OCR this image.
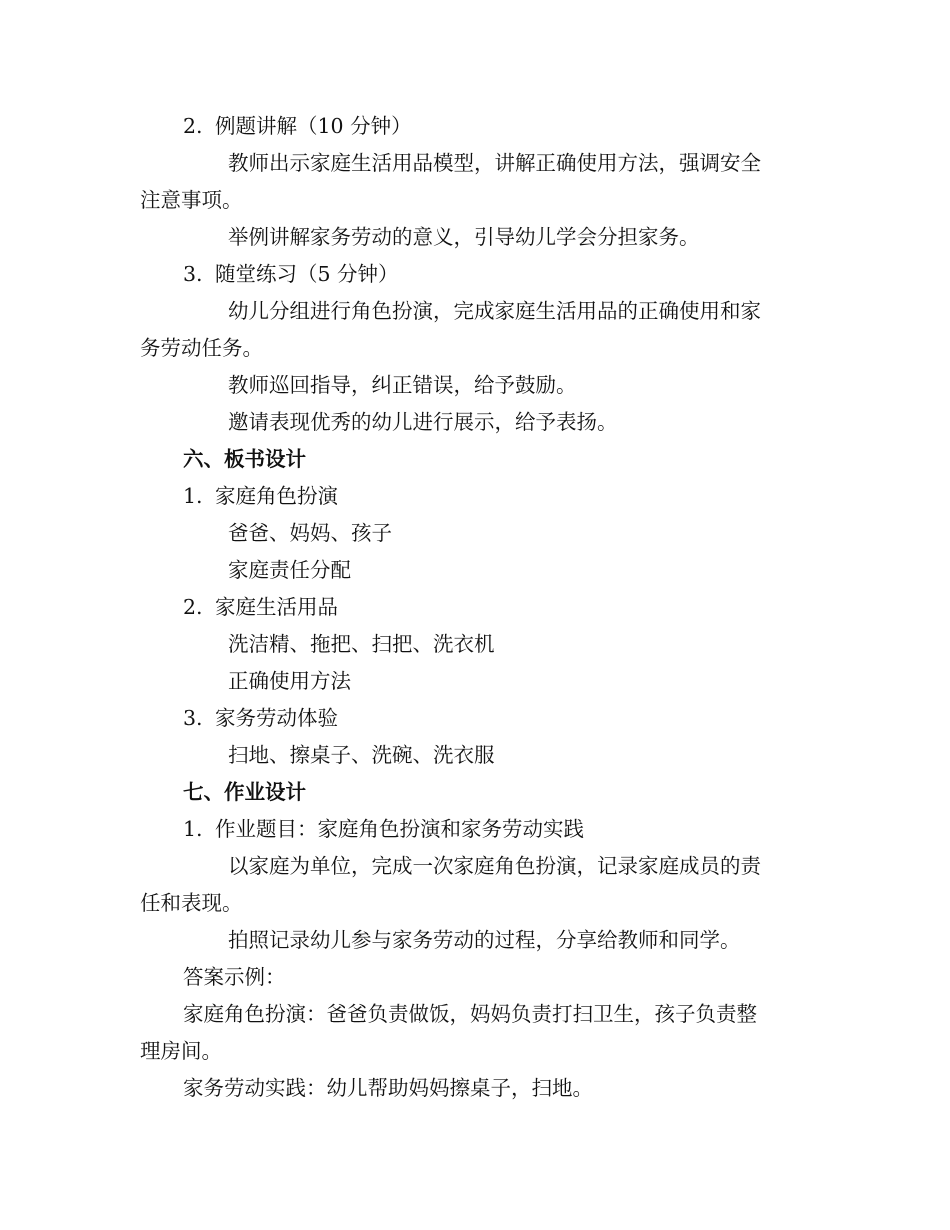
2. 例题讲解（10 分钟）
教师出示家庭生活用品模型，讲解正确使用方法，强调安全
注意事项。
举例讲解家务劳动的意义，引导幼儿学会分担家务。
3. 随堂练习（5 分钟）
幼儿分组进行角色扮演，完成家庭生活用品的正确使用和家
务劳动任务。
教师巡回指导，纠正错误，给予鼓励。
邀请表现优秀的幼儿进行展示，给予表扬。
六、板书设计
1. 家庭角色扮演
爸爸、妈妈、孩子
家庭责任分配
2. 家庭生活用品
洗洁精、拖把、扫把、洗衣机
正确使用方法
3. 家务劳动体验
扫地、擦桌子、洗碗、洗衣服
七、作业设计
1. 作业题目：家庭角色扮演和家务劳动实践
以家庭为单位，完成一次家庭角色扮演，记录家庭成员的责
任和表现。
拍照记录幼儿参与家务劳动的过程，分享给教师和同学。
答案示例：
家庭角色扮演：爸爸负责做饭，妈妈负责打扫卫生，孩子负责整
理房间。
家务劳动实践：幼儿帮助妈妈擦桌子，扫地。
